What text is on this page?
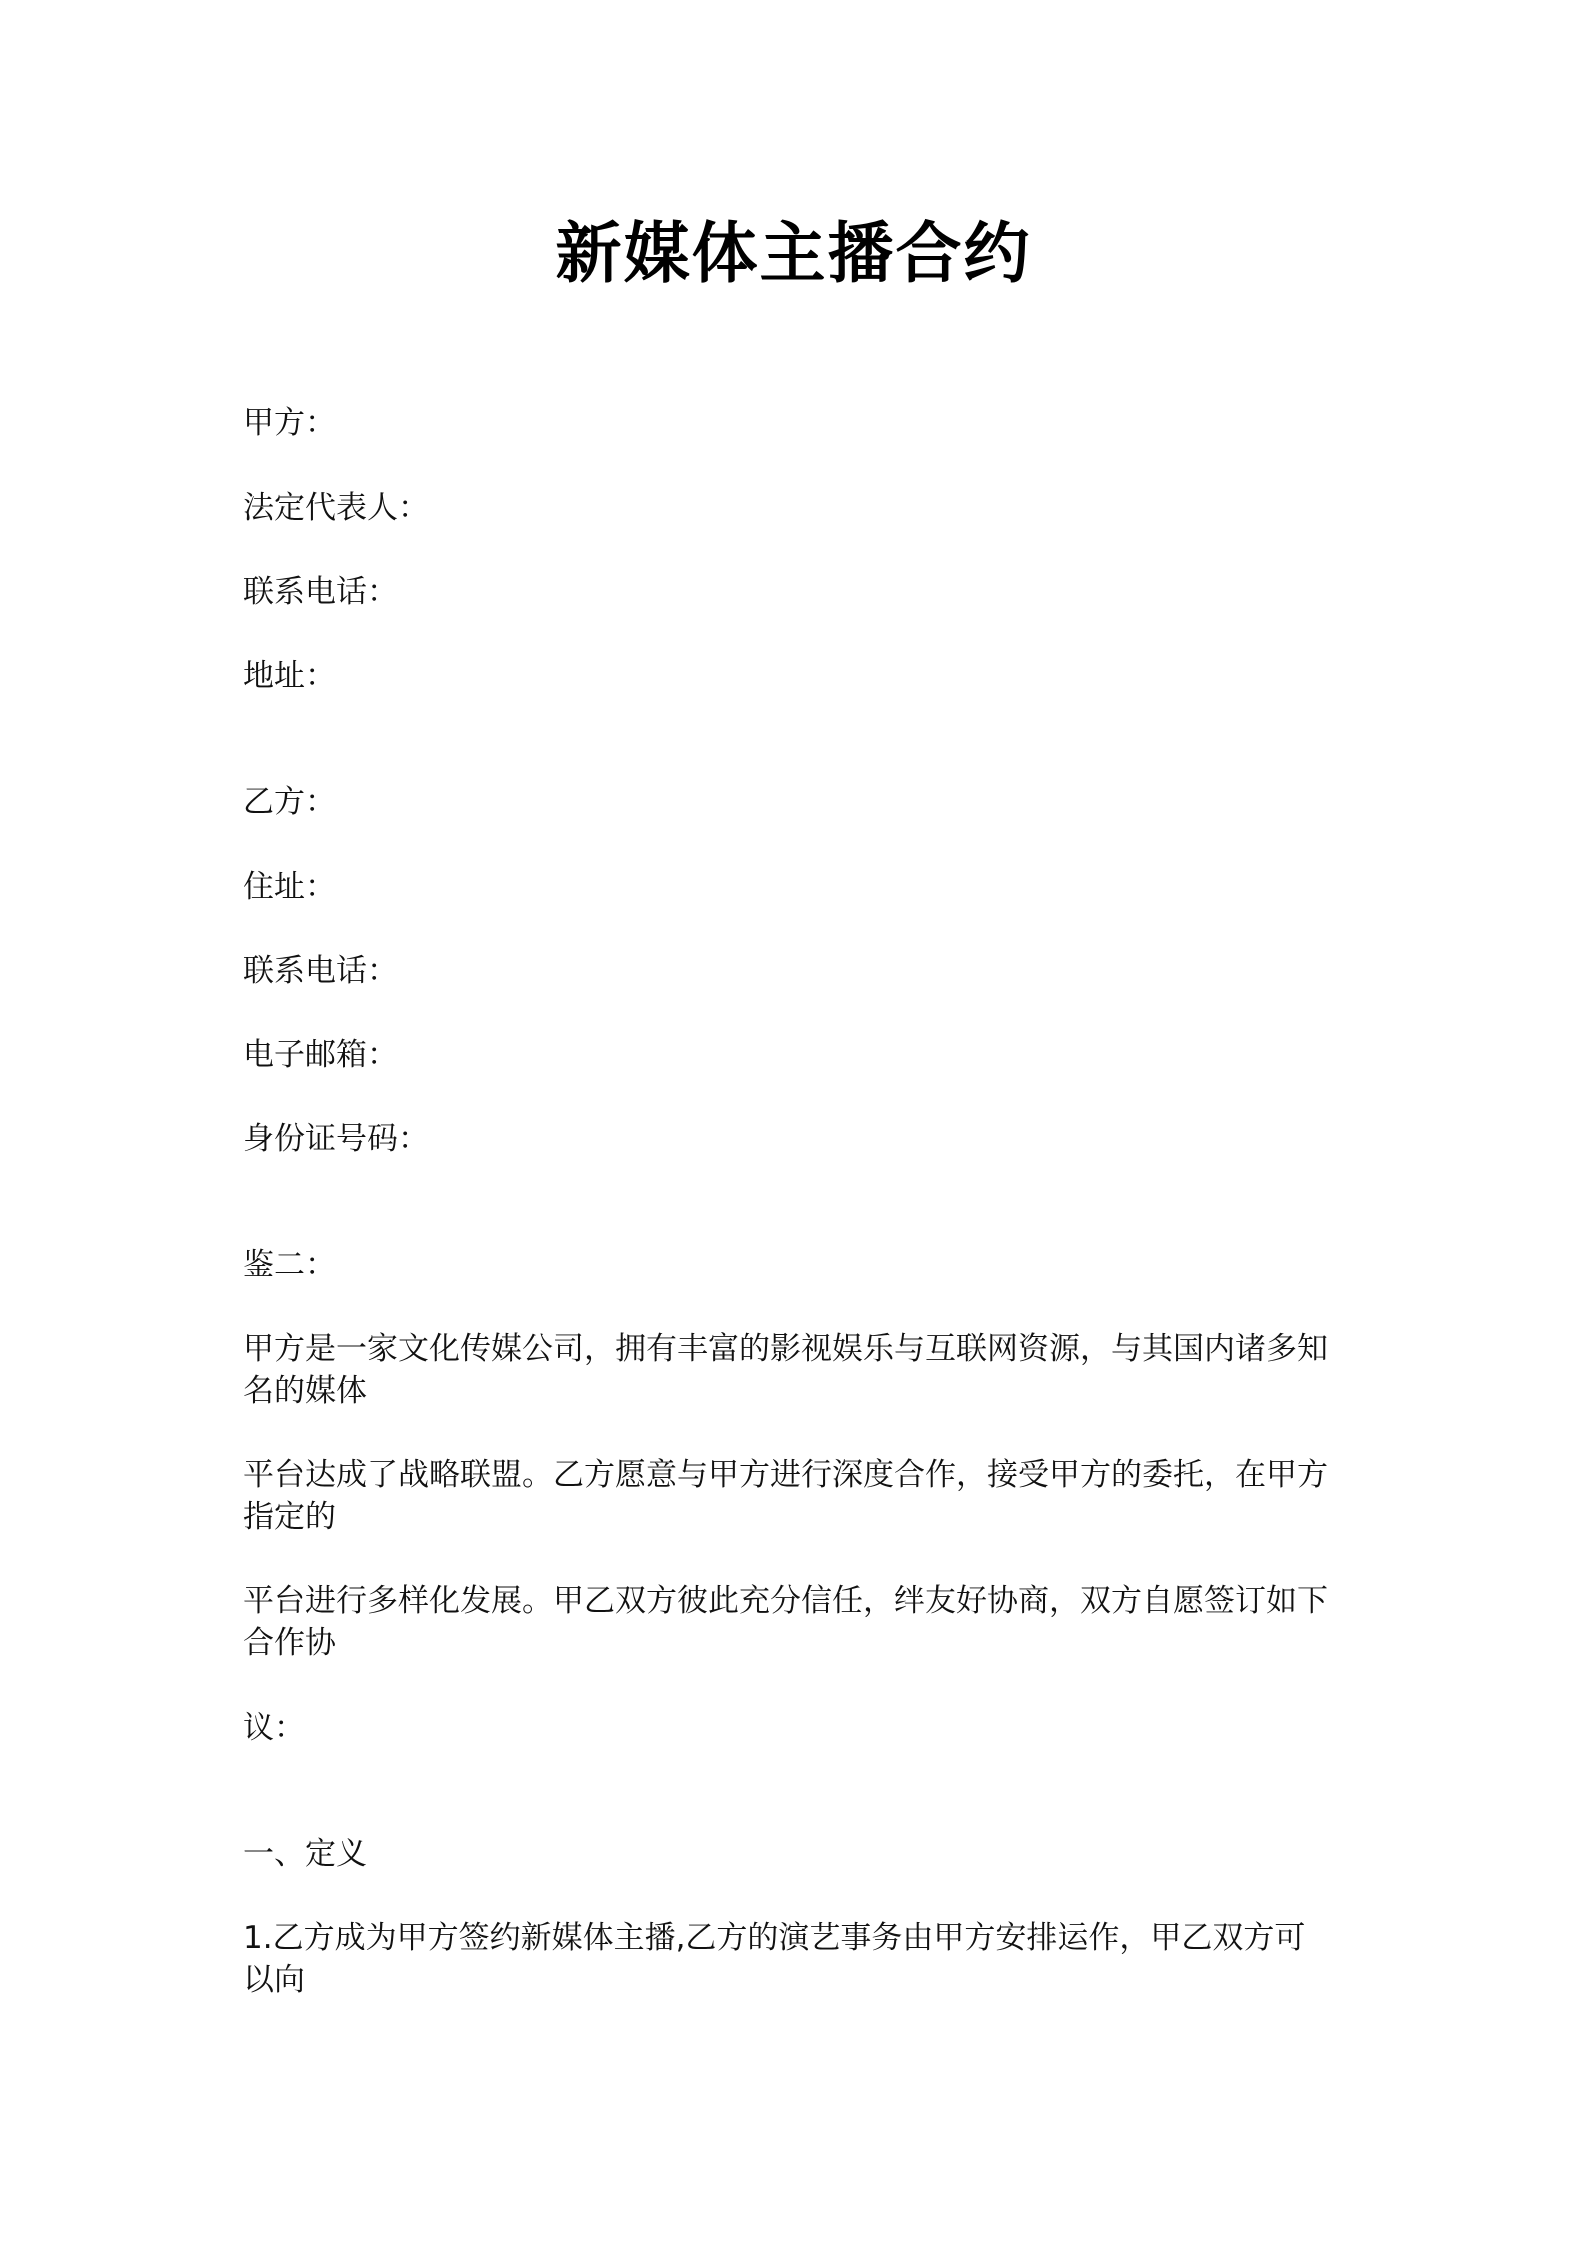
新媒体主播合约

甲方：

法定代表人：

联系电话：

地址：

乙方：

住址：

联系电话：

电子邮箱：

身份证号码：

鉴二：

甲方是一家文化传媒公司，拥有丰富的影视娱乐与互联网资源，与其国内诸多知
名的媒体
平台达成了战略联盟。乙方愿意与甲方进行深度合作，接受甲方的委托，在甲方
指定的
平台进行多样化发展。甲乙双方彼此充分信任，绊友好协商，双方自愿签订如下
合作协

议：

一、定义

1.乙方成为甲方签约新媒体主播,乙方的演艺事务由甲方安排运作，甲乙双方可
以向
